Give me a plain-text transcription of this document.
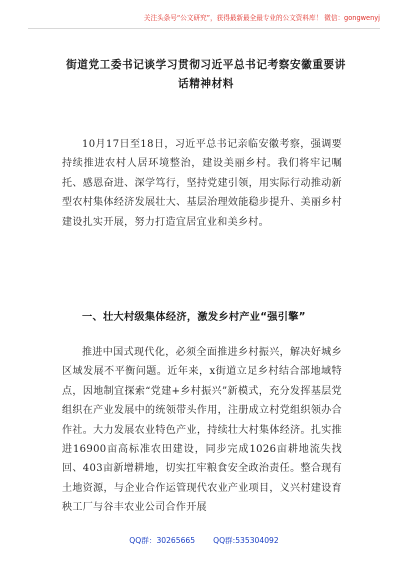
关注头条号“公文研究”，获得最新最全最专业的公文资料库！ 微信：gongwenyj
街道党工委书记谈学习贯彻习近平总书记考察安徽重要讲话精神材料

10月17日至18日，习近平总书记亲临安徽考察，强调要持续推进农村人居环境整治，建设美丽乡村。我们将牢记嘱托、感恩奋进、深学笃行，坚持党建引领，用实际行动推动新型农村集体经济发展壮大、基层治理效能稳步提升、美丽乡村建设扎实开展，努力打造宜居宜业和美乡村。

一、壮大村级集体经济，激发乡村产业“强引擎”

推进中国式现代化，必须全面推进乡村振兴，解决好城乡区域发展不平衡问题。近年来，x街道立足乡村结合部地域特点，因地制宜探索“党建+乡村振兴”新模式，充分发挥基层党组织在产业发展中的统领带头作用，注册成立村党组织领办合作社。大力发展农业特色产业，持续壮大村集体经济。扎实推进16900亩高标准农田建设，同步完成1026亩耕地流失找回、403亩新增耕地，切实扛牢粮食安全政治责任。整合现有土地资源，与企业合作运管现代农业产业项目，义兴村建设育秧工厂与谷丰农业公司合作开展

QQ群：30265665 QQ群:535304092
